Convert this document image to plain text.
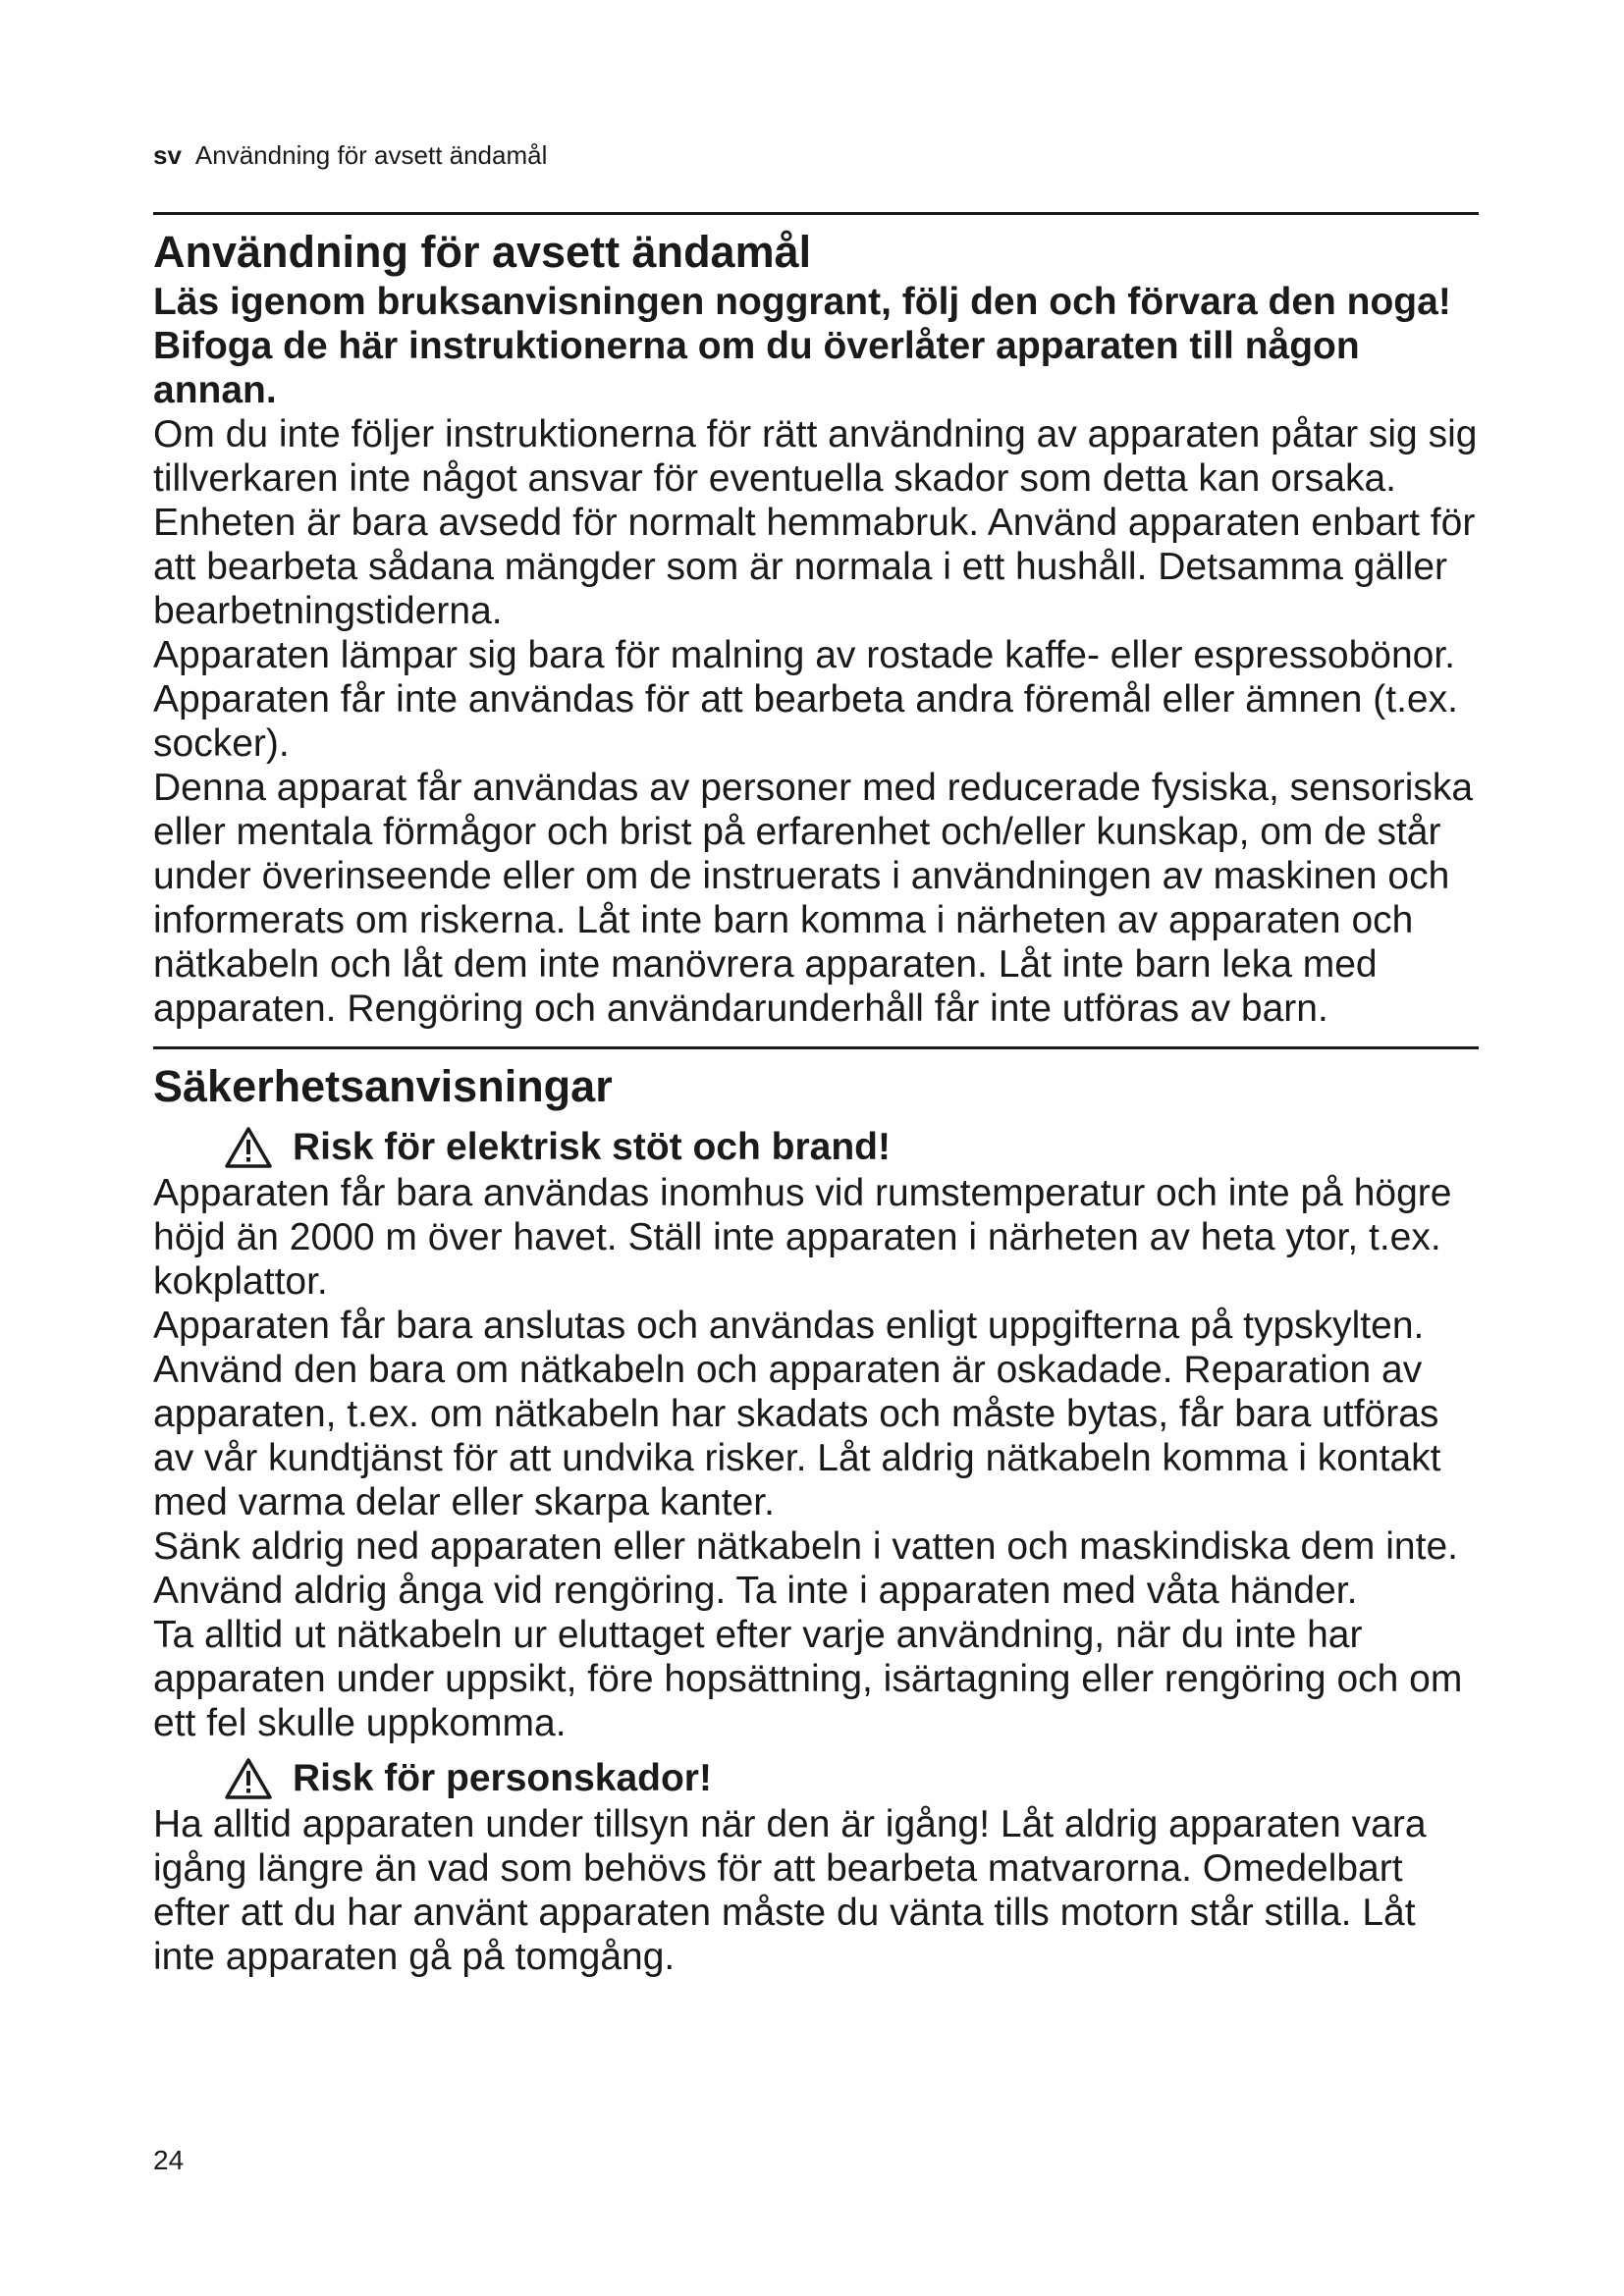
sv Användning för avsett ändamål
Användning för avsett ändamål

Läs igenom bruksanvisningen noggrant, följ den och förvara den noga! Bifoga de här instruktionerna om du överlåter apparaten till någon annan.

Om du inte följer instruktionerna för rätt användning av apparaten påtar sig sig tillverkaren inte något ansvar för eventuella skador som detta kan orsaka.

Enheten är bara avsedd för normalt hemmabruk. Använd apparaten enbart för att bearbeta sådana mängder som är normala i ett hushåll. Detsamma gäller bearbetningstiderna.

Apparaten lämpar sig bara för malning av rostade kaffe- eller espressobönor. Apparaten får inte användas för att bearbeta andra föremål eller ämnen (t.ex. socker).

Denna apparat får användas av personer med reducerade fysiska, sensoriska eller mentala förmågor och brist på erfarenhet och/eller kunskap, om de står under överinseende eller om de instruerats i användningen av maskinen och informerats om riskerna. Låt inte barn komma i närheten av apparaten och nätkabeln och låt dem inte manövrera apparaten. Låt inte barn leka med apparaten. Rengöring och användarunderhåll får inte utföras av barn.

Säkerhetsanvisningar
Risk för elektrisk stöt och brand!

Apparaten får bara användas inomhus vid rumstemperatur och inte på högre höjd än 2000 m över havet. Ställ inte apparaten i närheten av heta ytor, t.ex. kokplattor.

Apparaten får bara anslutas och användas enligt uppgifterna på typskylten. Använd den bara om nätkabeln och apparaten är oskadade. Reparation av apparaten, t.ex. om nätkabeln har skadats och måste bytas, får bara utföras av vår kundtjänst för att undvika risker. Låt aldrig nätkabeln komma i kontakt med varma delar eller skarpa kanter.

Sänk aldrig ned apparaten eller nätkabeln i vatten och maskindiska dem inte. Använd aldrig ånga vid rengöring. Ta inte i apparaten med våta händer.

Ta alltid ut nätkabeln ur eluttaget efter varje användning, när du inte har apparaten under uppsikt, före hopsättning, isärtagning eller rengöring och om ett fel skulle uppkomma.

Risk för personskador!

Ha alltid apparaten under tillsyn när den är igång! Låt aldrig apparaten vara igång längre än vad som behövs för att bearbeta matvarorna. Omedelbart efter att du har använt apparaten måste du vänta tills motorn står stilla. Låt inte apparaten gå på tomgång.

24
